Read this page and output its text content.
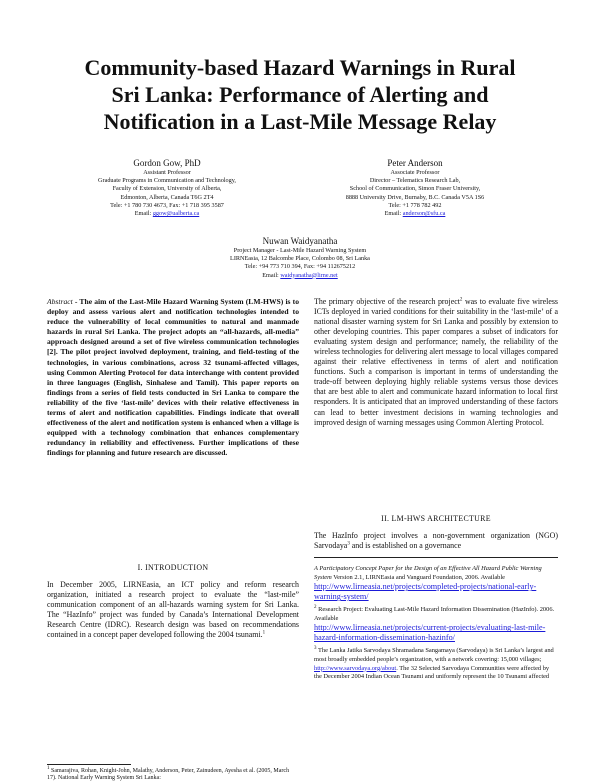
Community-based Hazard Warnings in Rural
Sri Lanka: Performance of Alerting and
Notification in a Last-Mile Message Relay
Gordon Gow, PhD
Assistant Professor
Graduate Programs in Communication and Technology,
Faculty of Extension, University of Alberta,
Edmonton, Alberta, Canada T6G 2T4
Tele: +1 780 730 4673, Fax: +1 718 395 3587
Email: ggow@ualberta.ca
Peter Anderson
Associate Professor
Director – Telematics Research Lab,
School of Communication, Simon Fraser University,
8888 University Drive, Burnaby, B.C. Canada V5A 1S6
Tele: +1 778 782 492
Email: anderson@sfu.ca
Nuwan Waidyanatha
Project Manager - Last-Mile Hazard Warning System
LIRNEasia, 12 Balcombe Place, Colombo 08, Sri Lanka
Tele: +94 773 710 394, Fax: +94 112675212
Email: waidyanatha@lirne.net
Abstract - The aim of the Last-Mile Hazard Warning System (LM-HWS) is to deploy and assess various alert and notification technologies intended to reduce the vulnerability of local communities to natural and manmade hazards in rural Sri Lanka. The project adopts an “all-hazards, all-media” approach designed around a set of five wireless communication technologies [2]. The pilot project involved deployment, training, and field-testing of the technologies, in various combinations, across 32 tsunami-affected villages, using Common Alerting Protocol for data interchange with content provided in three languages (English, Sinhalese and Tamil). This paper reports on findings from a series of field tests conducted in Sri Lanka to compare the reliability of the five ‘last-mile’ devices with their relative effectiveness in terms of alert and notification capabilities. Findings indicate that overall effectiveness of the alert and notification system is enhanced when a village is equipped with a technology combination that enhances complementary redundancy in reliability and effectiveness. Further implications of these findings for planning and future research are discussed.
I. INTRODUCTION
In December 2005, LIRNEasia, an ICT policy and reform research organization, initiated a research project to evaluate the “last-mile” communication component of an all-hazards warning system for Sri Lanka. The “HazInfo” project was funded by Canada’s International Development Research Centre (IDRC). Research design was based on recommendations contained in a concept paper developed following the 2004 tsunami.$^1$
$^1$ Samarajiva, Rohan, Knight-John, Malathy, Anderson, Peter, Zainudeen, Ayesha et al. (2005, March 17). National Early Warning System Sri Lanka:
The primary objective of the research project$^2$ was to evaluate five wireless ICTs deployed in varied conditions for their suitability in the ‘last-mile’ of a national disaster warning system for Sri Lanka and possibly by extension to other developing countries. This paper compares a subset of indicators for evaluating system design and performance; namely, the reliability of the wireless technologies for delivering alert message to local villages compared against their relative effectiveness in terms of alert and notification functions. Such a comparison is important in terms of understanding the trade-off between deploying highly reliable systems versus those devices that are best able to alert and communicate hazard information to local first responders. It is anticipated that an improved understanding of these factors can lead to better investment decisions in warning technologies and improved design of warning messages using Common Alerting Protocol.
II. LM-HWS ARCHITECTURE
The HazInfo project involves a non-government organization (NGO) Sarvodaya$^3$ and is established on a governance
A Participatory Concept Paper for the Design of an Effective All Hazard Public Warning System Version 2.1, LIRNEasia and Vanguard Foundation, 2006. Available
http://www.lirneasia.net/projects/completed-projects/national-early-warning-system/
$^2$ Research Project: Evaluating Last-Mile Hazard Information Dissemination (HazInfo). 2006. Available
http://www.lirneasia.net/projects/current-projects/evaluating-last-mile-hazard-information-dissemination-hazinfo/
$^3$ The Lanka Jatika Sarvodaya Shramadana Sangamaya (Sarvodaya) is Sri Lanka’s largest and most broadly embedded people’s organization, with a network covering: 15,000 villages; http://www.sarvodaya.org/about. The 32 Selected Sarvodaya Communities were affected by the December 2004 Indian Ocean Tsunami and uniformly represent the 10 Tsunami affected
